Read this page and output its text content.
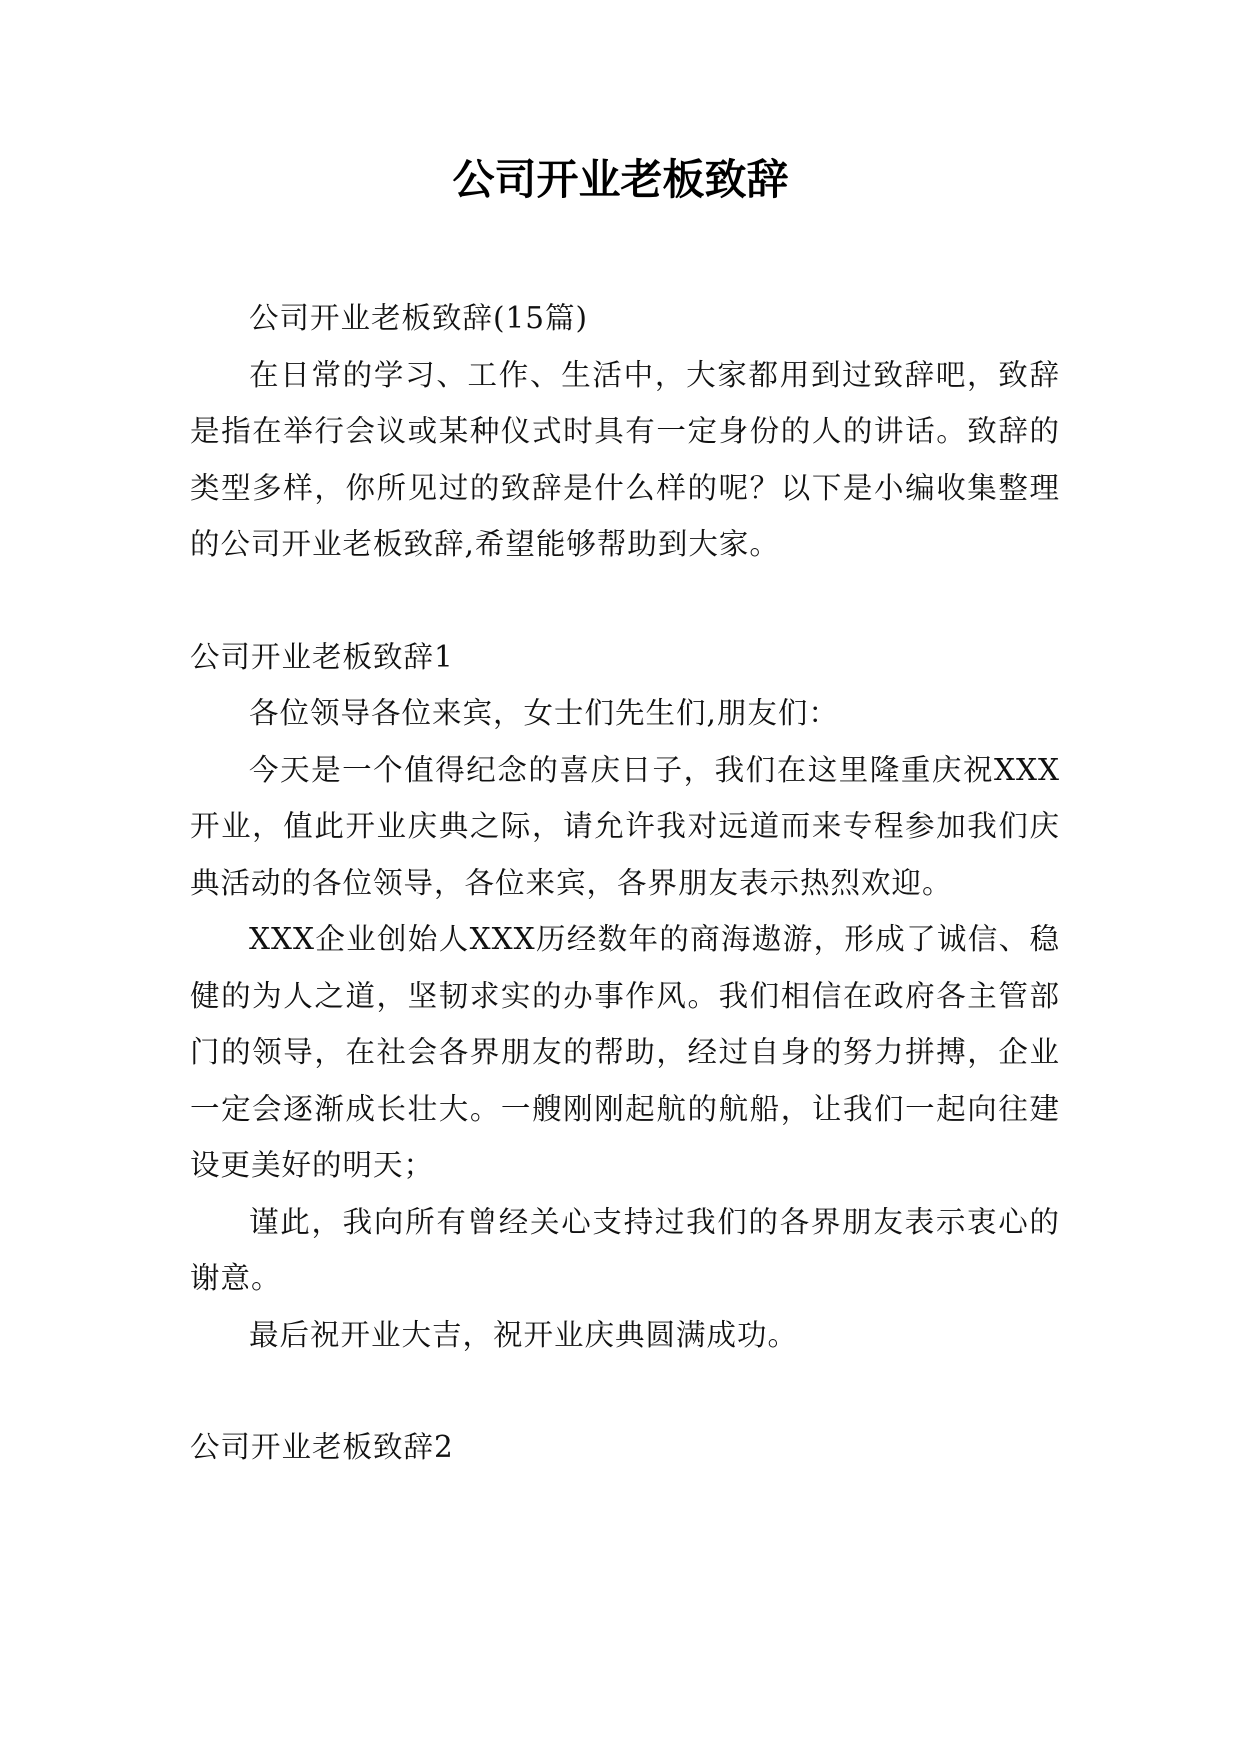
公司开业老板致辞

公司开业老板致辞(15篇)

在日常的学习、工作、生活中，大家都用到过致辞吧，致辞是指在举行会议或某种仪式时具有一定身份的人的讲话。致辞的类型多样，你所见过的致辞是什么样的呢？以下是小编收集整理的公司开业老板致辞,希望能够帮助到大家。

公司开业老板致辞1

各位领导各位来宾，女士们先生们,朋友们：

今天是一个值得纪念的喜庆日子，我们在这里隆重庆祝XXX开业，值此开业庆典之际，请允许我对远道而来专程参加我们庆典活动的各位领导，各位来宾，各界朋友表示热烈欢迎。

XXX企业创始人XXX历经数年的商海遨游，形成了诚信、稳健的为人之道，坚韧求实的办事作风。我们相信在政府各主管部门的领导，在社会各界朋友的帮助，经过自身的努力拼搏，企业一定会逐渐成长壮大。一艘刚刚起航的航船，让我们一起向往建设更美好的明天；

谨此，我向所有曾经关心支持过我们的各界朋友表示衷心的谢意。

最后祝开业大吉，祝开业庆典圆满成功。

公司开业老板致辞2
